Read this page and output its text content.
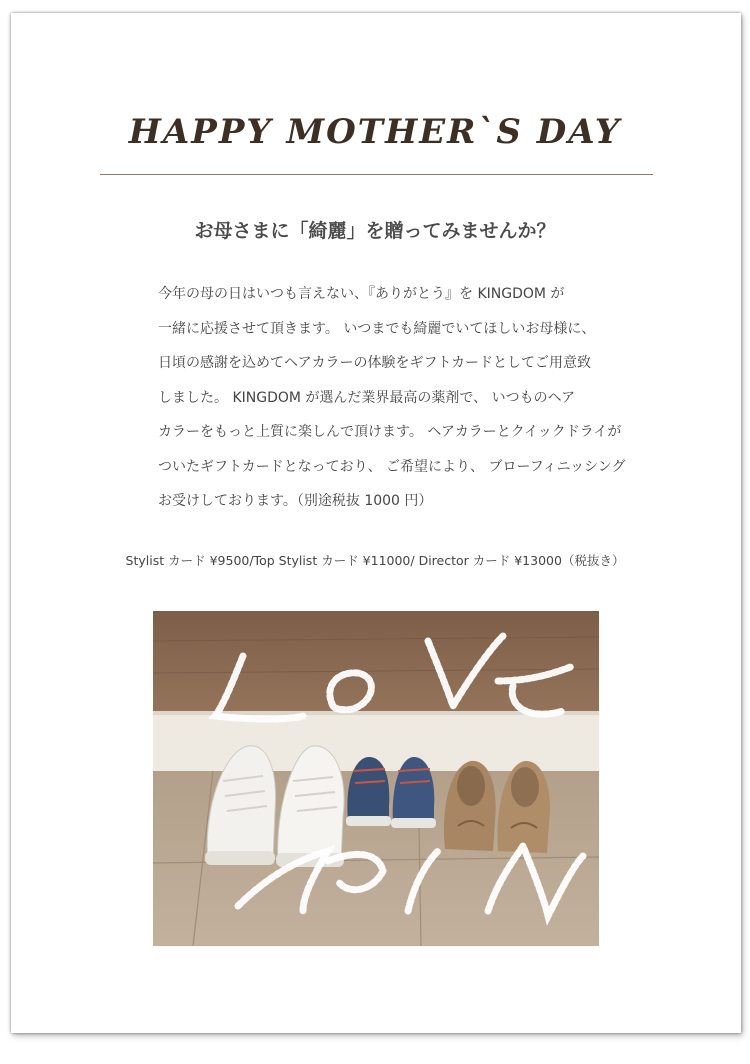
HAPPY MOTHER`S DAY
お母さまに「綺麗」を贈ってみませんか？

今年の母の日はいつも言えない、『ありがとう』を KINGDOM が

一緒に応援させて頂きます。 いつまでも綺麗でいてほしいお母様に、

日頃の感謝を込めてヘアカラーの体験をギフトカードとしてご用意致

しました。 KINGDOM が選んだ業界最高の薬剤で、 いつものヘア

カラーをもっと上質に楽しんで頂けます。 ヘアカラーとクイックドライが

ついたギフトカードとなっており、 ご希望により、 ブローフィニッシング

お受けしております。（別途税抜 1000 円）

Stylist カード ¥9500/Top Stylist カード ¥11000/ Director カード ¥13000（税抜き）
